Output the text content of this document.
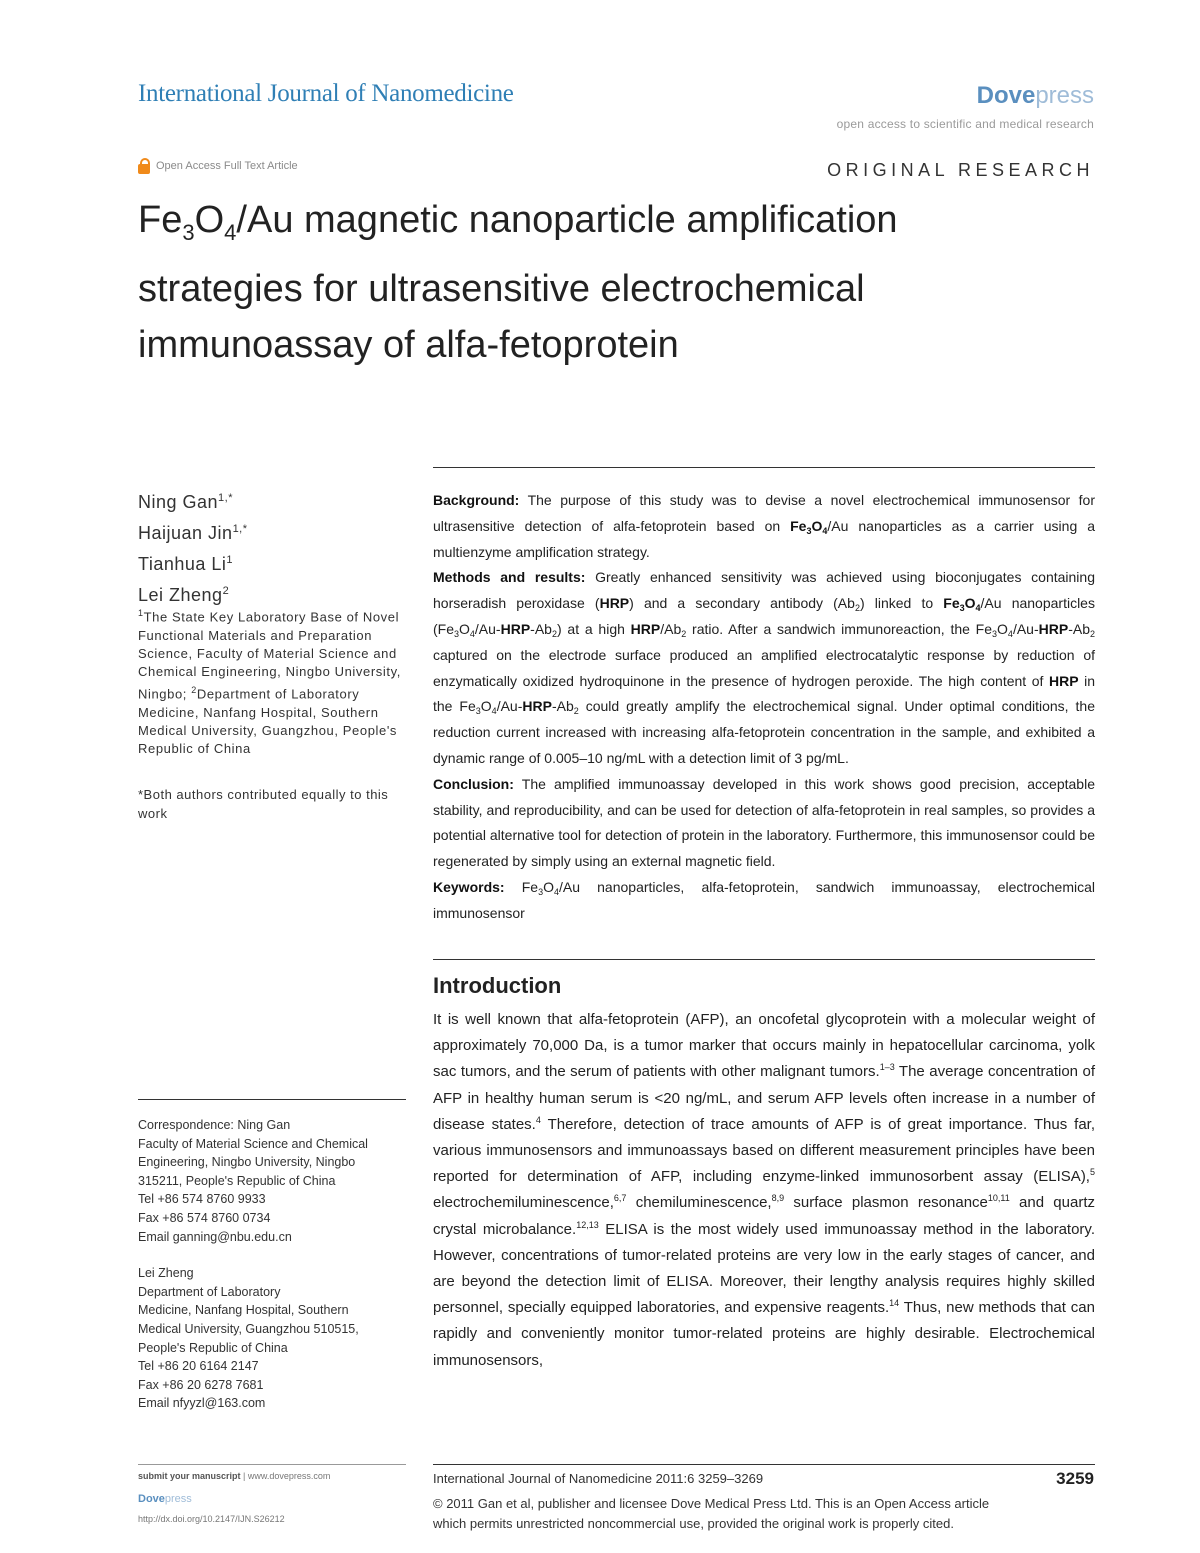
International Journal of Nanomedicine	Dovepress
open access to scientific and medical research
Open Access Full Text Article	ORIGINAL RESEARCH
$Fe_3O_4/Au$ magnetic nanoparticle amplification
strategies for ultrasensitive electrochemical
immunoassay of alfa-fetoprotein
Ning Gan$^{1,*}$
Haijuan Jin$^{1,*}$
Tianhua Li$^1$
Lei Zheng$^2$
$^1$The State Key Laboratory Base of Novel Functional Materials and Preparation Science, Faculty of Material Science and Chemical Engineering, Ningbo University, Ningbo; $^2$Department of Laboratory Medicine, Nanfang Hospital, Southern Medical University, Guangzhou, People's Republic of China
*Both authors contributed equally to this work

Background: The purpose of this study was to devise a novel electrochemical immunosensor for ultrasensitive detection of alfa-fetoprotein based on $Fe_3O_4/Au$ nanoparticles as a carrier using a multienzyme amplification strategy.

Methods and results: Greatly enhanced sensitivity was achieved using bioconjugates containing horseradish peroxidase (HRP) and a secondary antibody $(Ab_2)$ linked to $Fe_3O_4/Au$ nanoparticles $(Fe_3O_4/Au-HRP-Ab_2)$ at a high HRP/$Ab_2$ ratio. After a sandwich immunoreaction, the $Fe_3O_4/Au-HRP-Ab_2$ captured on the electrode surface produced an amplified electrocatalytic response by reduction of enzymatically oxidized hydroquinone in the presence of hydrogen peroxide. The high content of HRP in the $Fe_3O_4/Au-HRP-Ab_2$ could greatly amplify the electrochemical signal. Under optimal conditions, the reduction current increased with increasing alfa-fetoprotein concentration in the sample, and exhibited a dynamic range of 0.005–10 ng/mL with a detection limit of 3 pg/mL.

Conclusion: The amplified immunoassay developed in this work shows good precision, acceptable stability, and reproducibility, and can be used for detection of alfa-fetoprotein in real samples, so provides a potential alternative tool for detection of protein in the laboratory. Furthermore, this immunosensor could be regenerated by simply using an external magnetic field.

Keywords: $Fe_3O_4/Au$ nanoparticles, alfa-fetoprotein, sandwich immunoassay, electrochemical immunosensor

Introduction
It is well known that alfa-fetoprotein (AFP), an oncofetal glycoprotein with a molecular weight of approximately 70,000 Da, is a tumor marker that occurs mainly in hepatocellular carcinoma, yolk sac tumors, and the serum of patients with other malignant tumors.$^{1-3}$ The average concentration of AFP in healthy human serum is <20 ng/mL, and serum AFP levels often increase in a number of disease states.$^4$ Therefore, detection of trace amounts of AFP is of great importance. Thus far, various immunosensors and immunoassays based on different measurement principles have been reported for determination of AFP, including enzyme-linked immunosorbent assay (ELISA),$^5$ electrochemiluminescence,$^{6,7}$ chemiluminescence,$^{8,9}$ surface plasmon resonance$^{10,11}$ and quartz crystal microbalance.$^{12,13}$ ELISA is the most widely used immunoassay method in the laboratory. However, concentrations of tumor-related proteins are very low in the early stages of cancer, and are beyond the detection limit of ELISA. Moreover, their lengthy analysis requires highly skilled personnel, specially equipped laboratories, and expensive reagents.$^{14}$ Thus, new methods that can rapidly and conveniently monitor tumor-related proteins are highly desirable. Electrochemical immunosensors,
Correspondence: Ning Gan
Faculty of Material Science and Chemical
Engineering, Ningbo University, Ningbo
315211, People's Republic of China
Tel +86 574 8760 9933
Fax +86 574 8760 0734
Email ganning@nbu.edu.cn
Lei Zheng
Department of Laboratory
Medicine, Nanfang Hospital, Southern
Medical University, Guangzhou 510515,
People's Republic of China
Tel +86 20 6164 2147
Fax +86 20 6278 7681
Email nfyyzl@163.com
submit your manuscript | www.dovepress.com
Dovepress
http://dx.doi.org/10.2147/IJN.S26212
International Journal of Nanomedicine 2011:6 3259–3269	3259
© 2011 Gan et al, publisher and licensee Dove Medical Press Ltd. This is an Open Access article
which permits unrestricted noncommercial use, provided the original work is properly cited.
